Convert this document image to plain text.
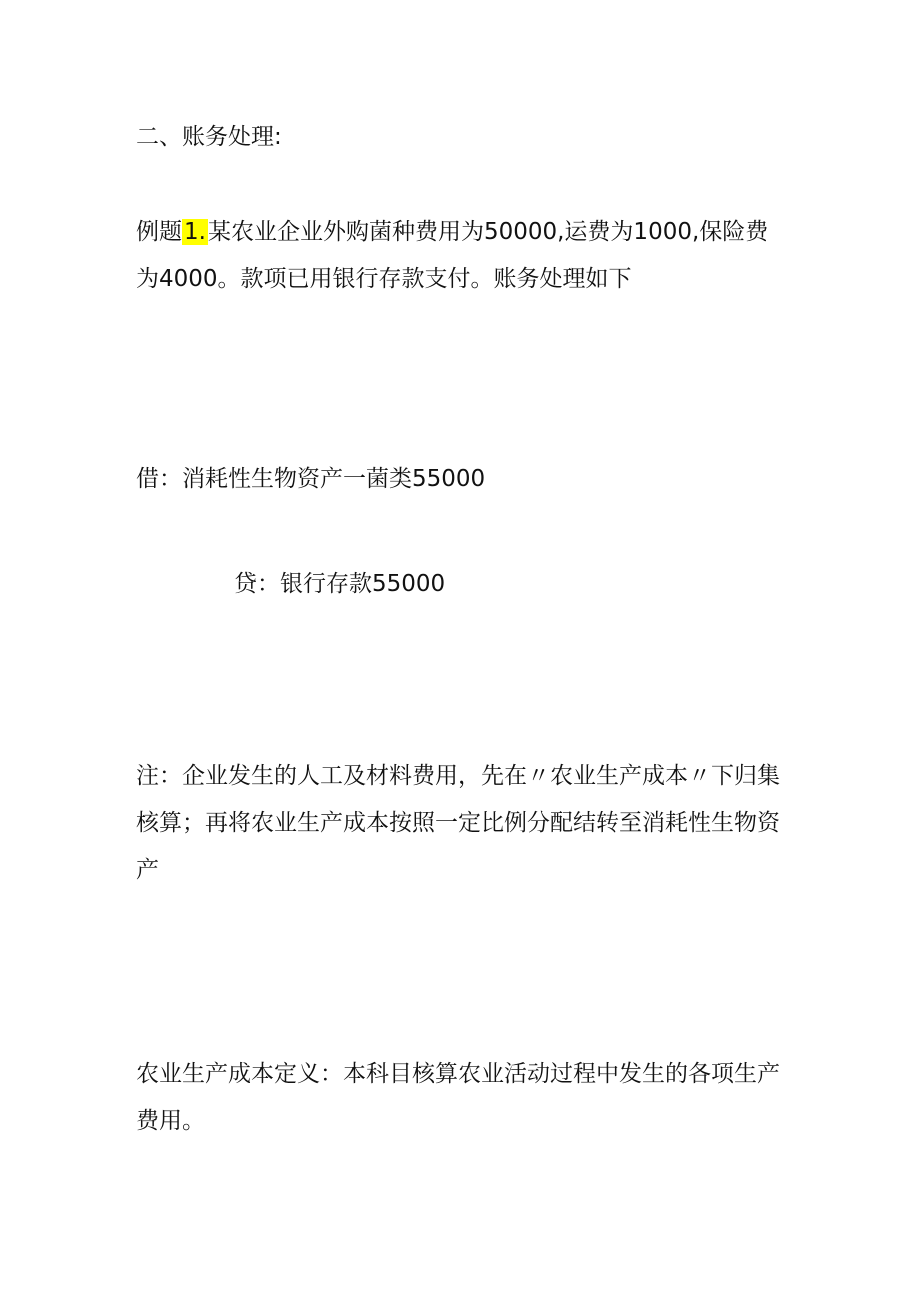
二、账务处理:
例题1.某农业企业外购菌种费用为50000,运费为1000,保险费
为4000。款项已用银行存款支付。账务处理如下
借：消耗性生物资产一菌类55000
贷：银行存款55000
注：企业发生的人工及材料费用，先在〃农业生产成本〃下归集
核算；再将农业生产成本按照一定比例分配结转至消耗性生物资
产
农业生产成本定义：本科目核算农业活动过程中发生的各项生产
费用。
